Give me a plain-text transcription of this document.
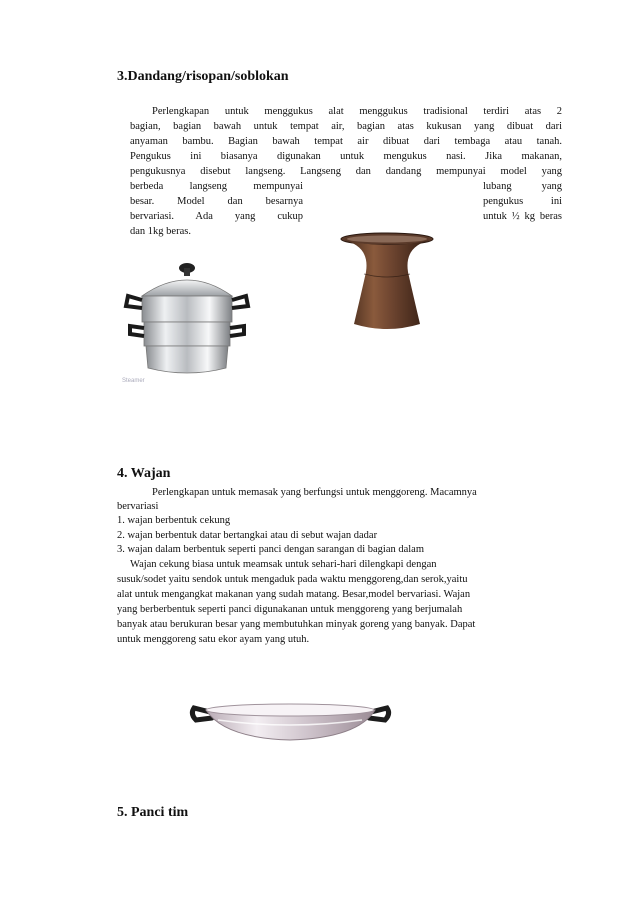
3.Dandang/risopan/soblokan
Perlengkapan untuk menggukus alat menggukus tradisional terdiri atas 2
bagian, bagian bawah untuk tempat air, bagian atas kukusan yang dibuat dari
anyaman bambu. Bagian bawah tempat air dibuat dari tembaga atau tanah.
Pengukus ini biasanya digunakan untuk mengukus nasi. Jika makanan,
pengukusnya disebut langseng. Langseng dan dandang mempunyai model yang
berbeda langseng mempunyai
besar. Model dan besarnya
bervariasi. Ada yang cukup
dan 1kg beras.
lubang yang
pengukus ini
untuk ½ kg beras
Steamer
4. Wajan

Perlengkapan untuk memasak yang berfungsi untuk menggoreng. Macamnya

bervariasi

1. wajan berbentuk cekung

2. wajan berbentuk datar bertangkai atau di sebut wajan dadar

3. wajan dalam berbentuk seperti panci dengan sarangan di bagian dalam

Wajan cekung biasa untuk meamsak untuk sehari-hari dilengkapi dengan

susuk/sodet yaitu sendok untuk mengaduk pada waktu menggoreng,dan serok,yaitu

alat untuk mengangkat makanan yang sudah matang. Besar,model bervariasi. Wajan

yang berberbentuk seperti panci digunakanan untuk menggoreng yang berjumalah

banyak atau berukuran besar yang membutuhkan minyak goreng yang banyak. Dapat

untuk menggoreng satu ekor ayam yang utuh.

5. Panci tim
